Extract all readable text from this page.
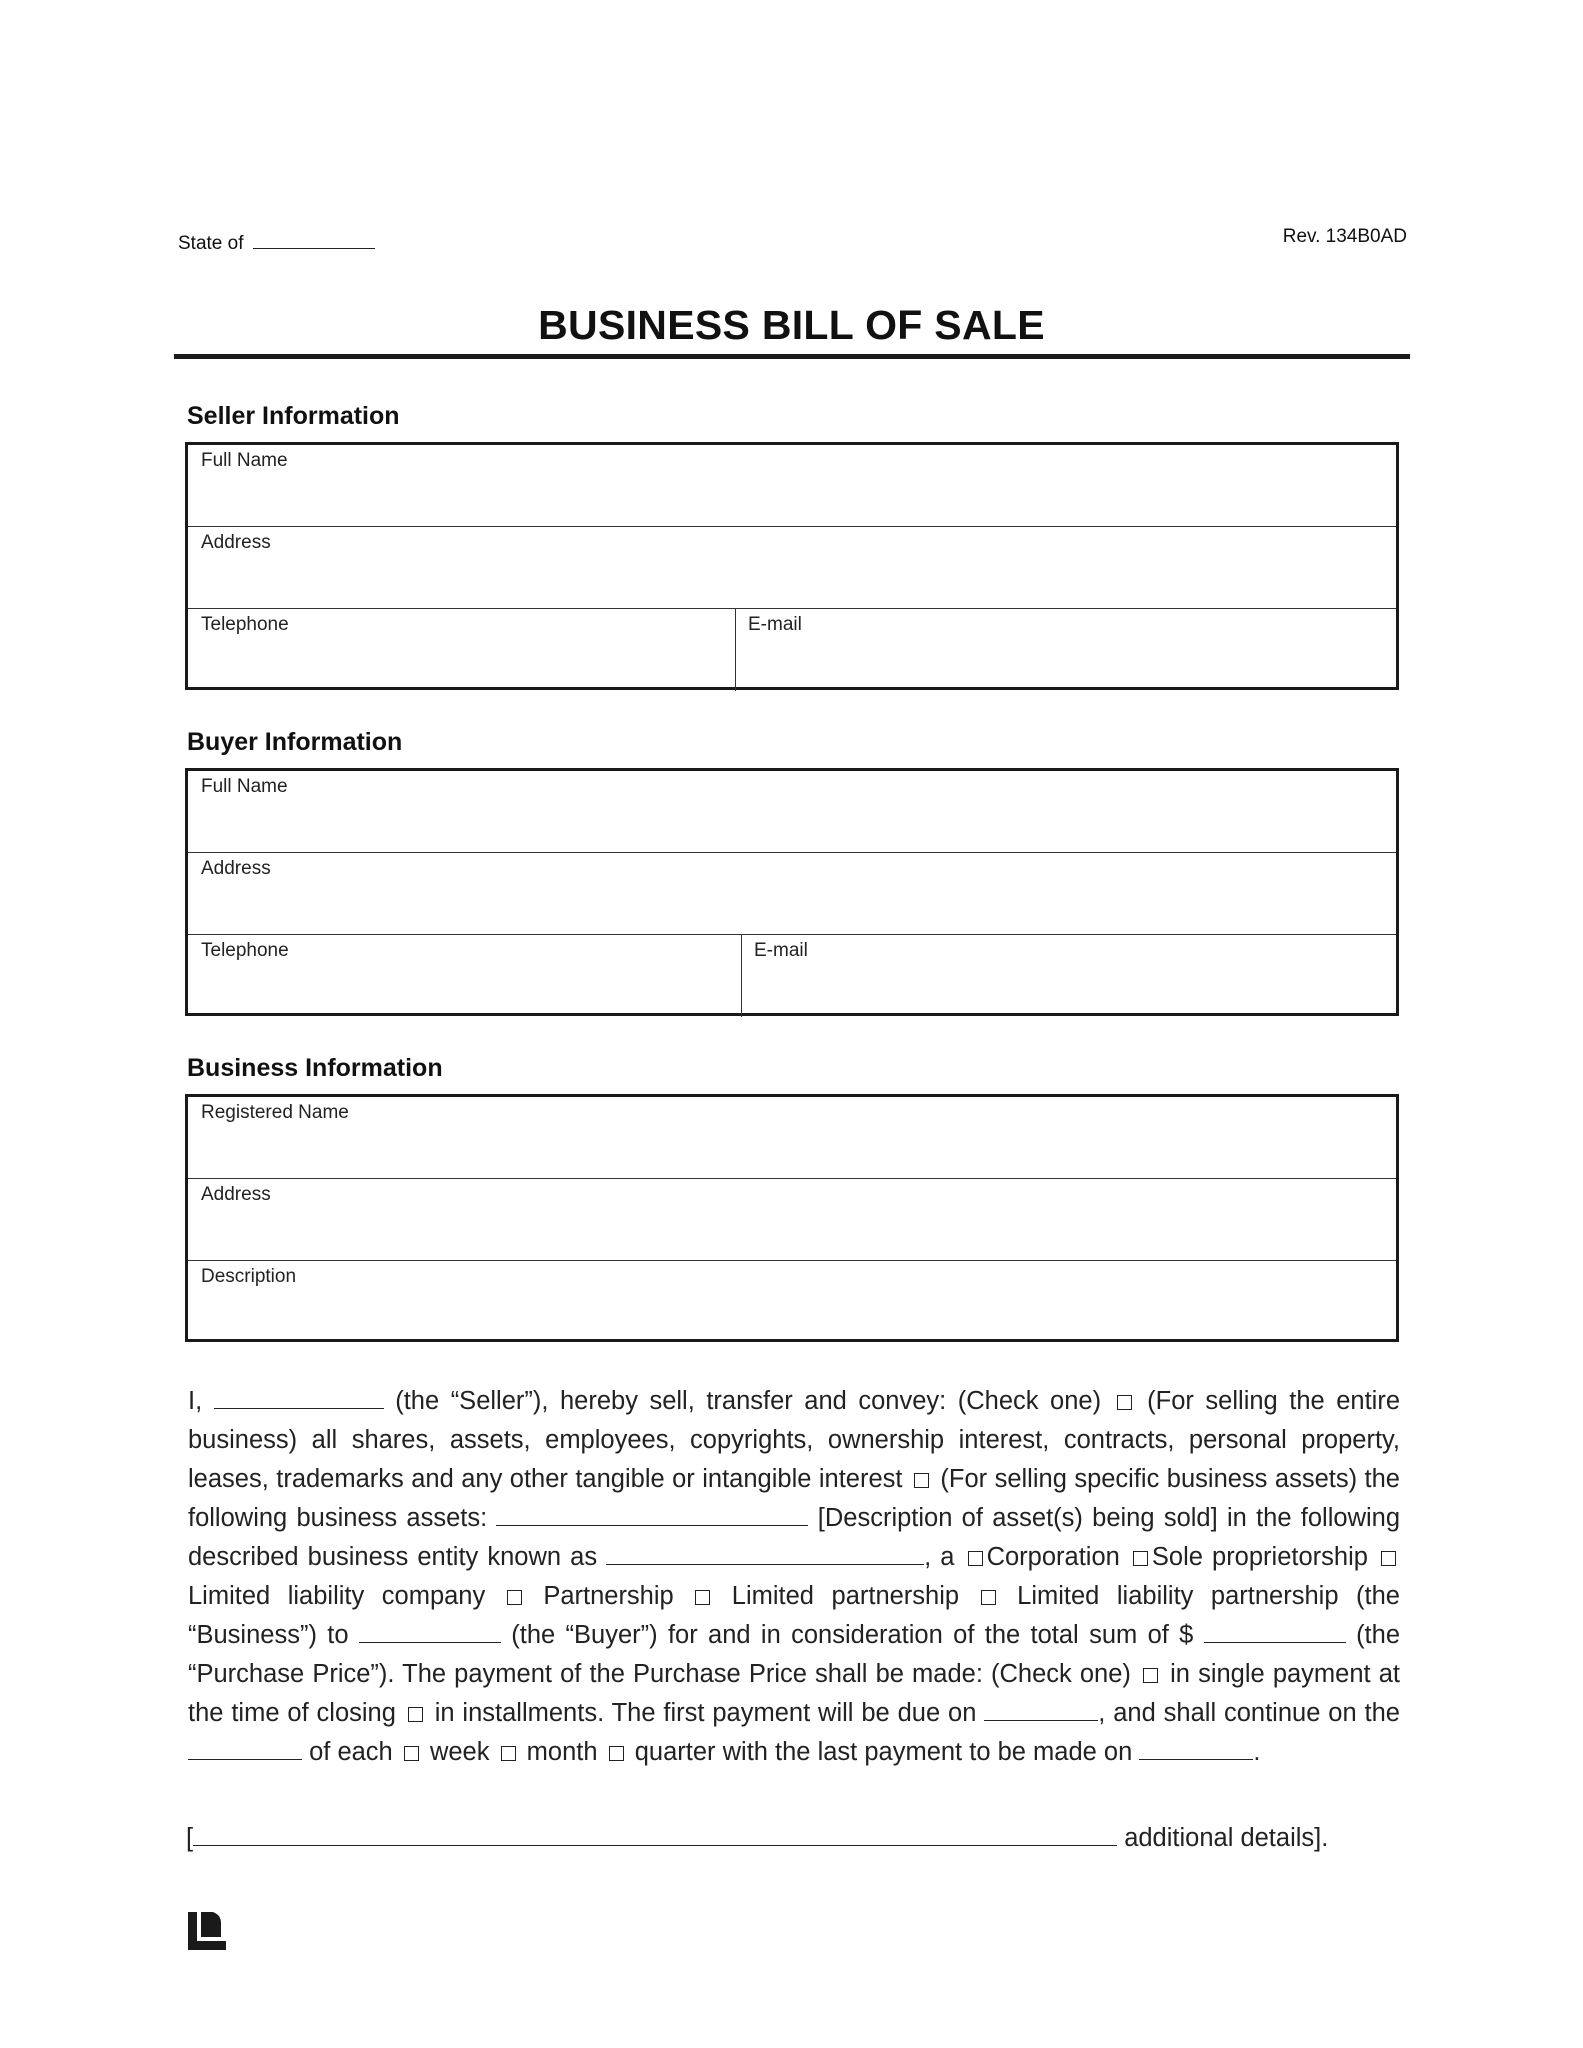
State of	Rev. 134B0AD
BUSINESS BILL OF SALE
Seller Information
Full Name
Address
Telephone	E-mail
Buyer Information
Full Name
Address
Telephone	E-mail
Business Information
Registered Name
Address
Description
I,	(the “Seller”), hereby sell, transfer and convey: (Check one) (For selling the entire business) all shares, assets, employees, copyrights, ownership interest, contracts, personal property, leases, trademarks and any other tangible or intangible interest (For selling specific business assets) the following business assets:	[Description of asset(s) being sold] in the following described business entity known as	, a Corporation Sole proprietorship  Limited liability company Partnership Limited partnership Limited liability partnership (the “Business”) to	(the “Buyer”) for and in consideration of the total sum of $	(the “Purchase Price”). The payment of the Purchase Price shall be made: (Check one) in single payment at the time of closing in installments. The first payment will be due on	, and shall continue on the  of each week month quarter with the last payment to be made on	.
[	additional details].
